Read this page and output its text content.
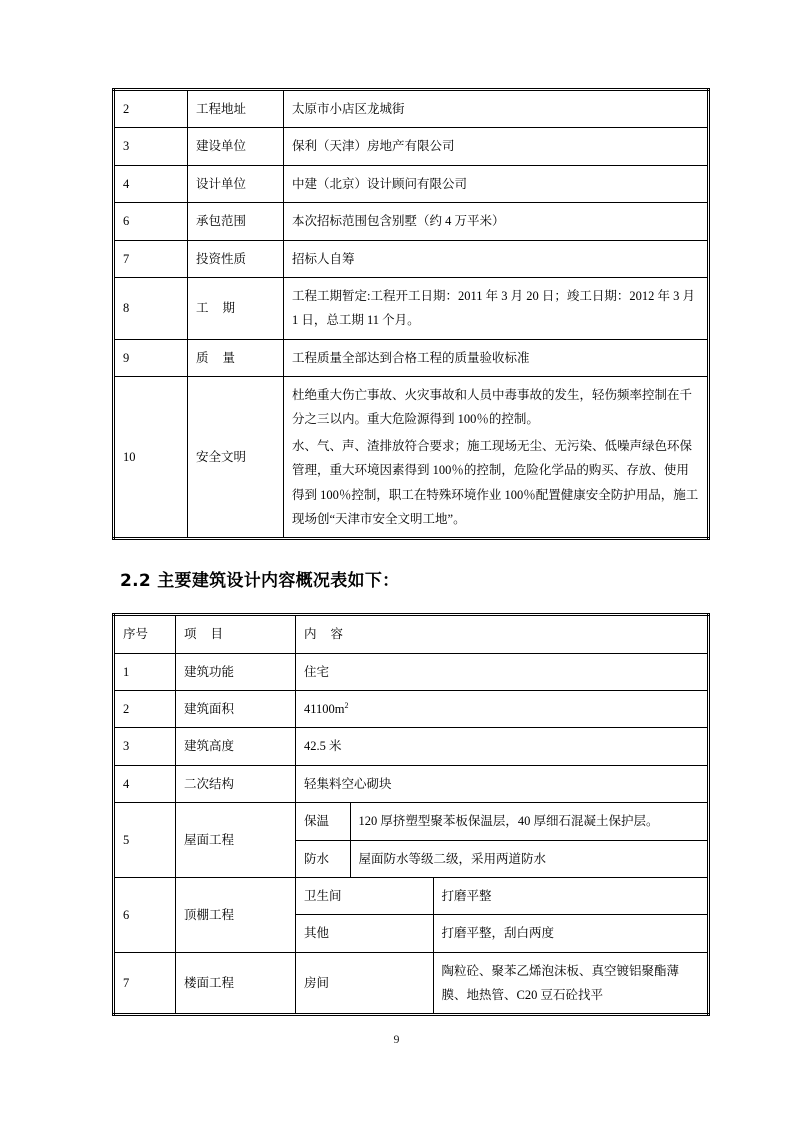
2	工程地址	太原市小店区龙城街

3	建设单位	保利（天津）房地产有限公司

4	设计单位	中建（北京）设计顾问有限公司

6	承包范围	本次招标范围包含别墅（约 4 万平米）

7	投资性质	招标人自筹

8	工 期	工程工期暂定:工程开工日期：2011 年 3 月 20 日；竣工日期：2012 年 3 月 1 日，总工期 11 个月。

9	质 量	工程质量全部达到合格工程的质量验收标准

10	安全文明	杜绝重大伤亡事故、火灾事故和人员中毒事故的发生，轻伤频率控制在千分之三以内。重大危险源得到 100％的控制。

水、气、声、渣排放符合要求；施工现场无尘、无污染、低噪声绿色环保管理，重大环境因素得到 100％的控制，危险化学品的购买、存放、使用得到 100％控制，职工在特殊环境作业 100％配置健康安全防护用品，施工现场创“天津市安全文明工地”。

2.2 主要建筑设计内容概况表如下：
序号	项 目	内 容
1	建筑功能	住宅
2	建筑面积	$41100m^2$
3	建筑高度	42.5 米
4	二次结构	轻集料空心砌块
5	屋面工程	
保温	120 厚挤塑型聚苯板保温层，40 厚细石混凝土保护层。
防水	屋面防水等级二级，采用两道防水

6	顶棚工程	
卫生间	打磨平整
其他	打磨平整，刮白两度

7	楼面工程		房间	陶粒砼、聚苯乙烯泡沫板、真空镀铝聚酯薄膜、地热管、C20 豆石砼找平
9
